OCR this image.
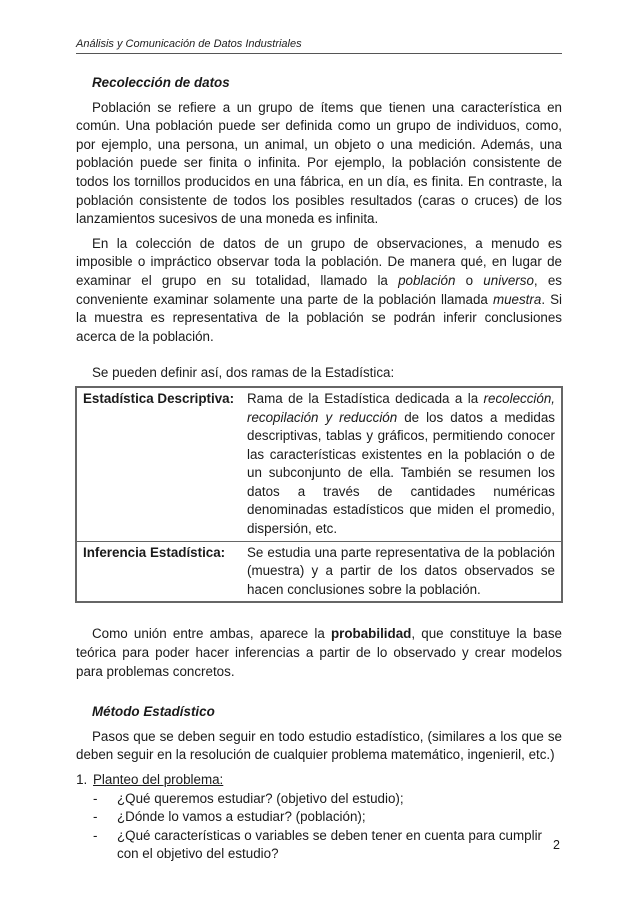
Análisis y Comunicación de Datos Industriales
Recolección de datos

Población se refiere a un grupo de ítems que tienen una característica en común. Una población puede ser definida como un grupo de individuos, como, por ejemplo, una persona, un animal, un objeto o una medición. Además, una población puede ser finita o infinita. Por ejemplo, la población consistente de todos los tornillos producidos en una fábrica, en un día, es finita. En contraste, la población consistente de todos los posibles resultados (caras o cruces) de los lanzamientos sucesivos de una moneda es infinita.

En la colección de datos de un grupo de observaciones, a menudo es imposible o impráctico observar toda la población. De manera qué, en lugar de examinar el grupo en su totalidad, llamado la población o universo, es conveniente examinar solamente una parte de la población llamada muestra. Si la muestra es representativa de la población se podrán inferir conclusiones acerca de la población.

Se pueden definir así, dos ramas de la Estadística:

Estadística Descriptiva:	Rama de la Estadística dedicada a la recolección, recopilación y reducción de los datos a medidas descriptivas, tablas y gráficos, permitiendo conocer las características existentes en la población o de un subconjunto de ella. También se resumen los datos a través de cantidades numéricas denominadas estadísticos que miden el promedio, dispersión, etc.
Inferencia Estadística:	Se estudia una parte representativa de la población (muestra) y a partir de los datos observados se hacen conclusiones sobre la población.

Como unión entre ambas, aparece la probabilidad, que constituye la base teórica para poder hacer inferencias a partir de lo observado y crear modelos para problemas concretos.

Método Estadístico

Pasos que se deben seguir en todo estudio estadístico, (similares a los que se deben seguir en la resolución de cualquier problema matemático, ingenieril, etc.)

1. Planteo del problema:
- ¿Qué queremos estudiar? (objetivo del estudio);
- ¿Dónde lo vamos a estudiar? (población);
- ¿Qué características o variables se deben tener en cuenta para cumplir con el objetivo del estudio?
2
